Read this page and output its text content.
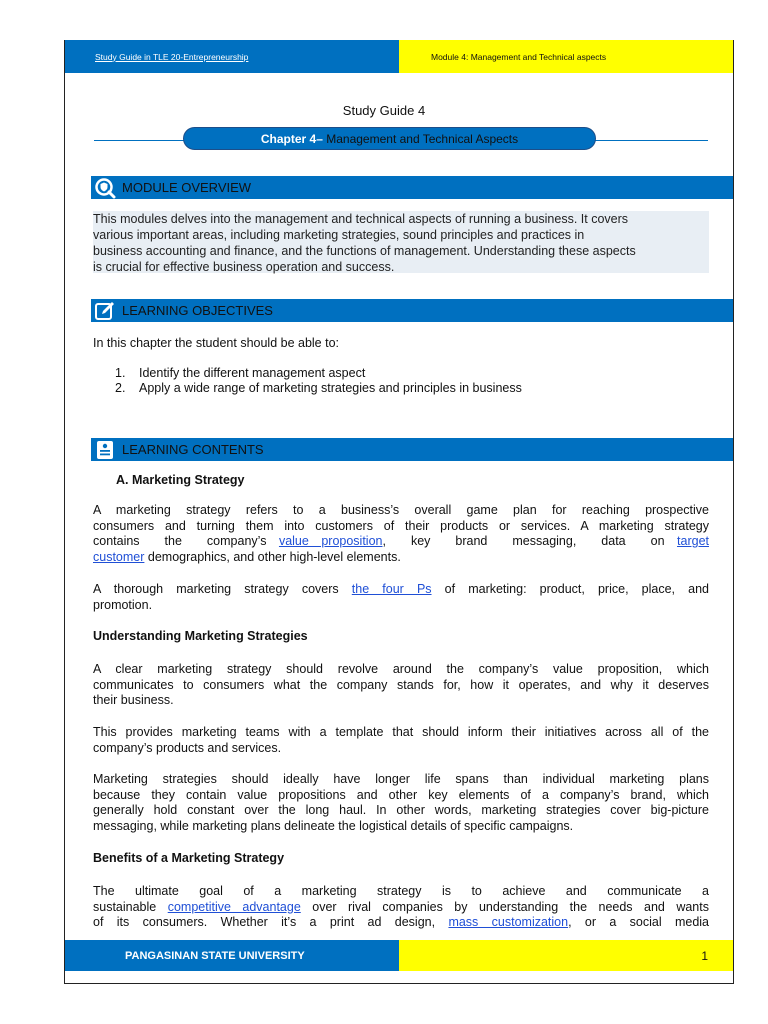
Study Guide in TLE 20-Entrepreneurship	Module 4: Management and Technical aspects
Study Guide 4
Chapter 4– Management and Technical Aspects
MODULE OVERVIEW
This modules delves into the management and technical aspects of running a business. It covers
various important areas, including marketing strategies, sound principles and practices in
business accounting and finance, and the functions of management. Understanding these aspects
is crucial for effective business operation and success.
LEARNING OBJECTIVES
In this chapter the student should be able to:
1. Identify the different management aspect
2. Apply a wide range of marketing strategies and principles in business
LEARNING CONTENTS
A. Marketing Strategy
A marketing strategy refers to a business’s overall game plan for reaching prospective
consumers and turning them into customers of their products or services. A marketing strategy
contains  the  company’s value proposition,  key  brand  messaging,  data  on target
customer demographics, and other high-level elements.
A thorough marketing strategy covers the four Ps of marketing: product, price, place, and
promotion.
Understanding Marketing Strategies
A clear marketing strategy should revolve around the company’s value proposition, which
communicates to consumers what the company stands for, how it operates, and why it deserves
their business.
This provides marketing teams with a template that should inform their initiatives across all of the
company’s products and services.
Marketing strategies should ideally have longer life spans than individual marketing plans
because they contain value propositions and other key elements of a company’s brand, which
generally hold constant over the long haul. In other words, marketing strategies cover big-picture
messaging, while marketing plans delineate the logistical details of specific campaigns.
Benefits of a Marketing Strategy
The ultimate goal of a marketing strategy is to achieve and communicate a
sustainable competitive advantage over rival companies by understanding the needs and wants
of its consumers. Whether it’s a print ad design, mass customization, or a social media
PANGASINAN STATE UNIVERSITY	1
